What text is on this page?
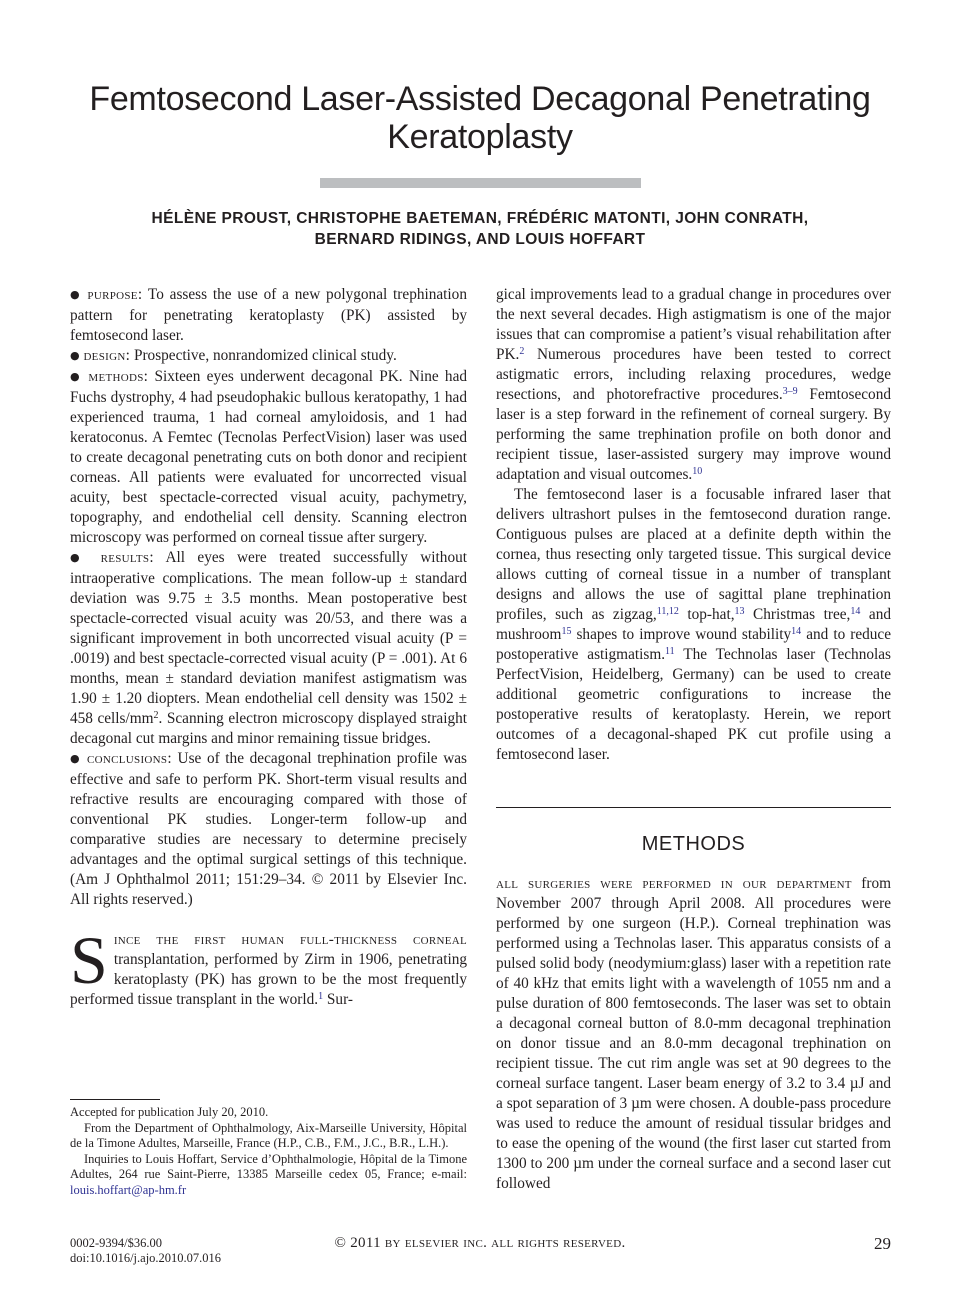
Femtosecond Laser-Assisted Decagonal Penetrating
Keratoplasty
HÉLÈNE PROUST, CHRISTOPHE BAETEMAN, FRÉDÉRIC MATONTI, JOHN CONRATH,
BERNARD RIDINGS, AND LOUIS HOFFART

● purpose: To assess the use of a new polygonal trephination pattern for penetrating keratoplasty (PK) assisted by femtosecond laser.

● design: Prospective, nonrandomized clinical study.

● methods: Sixteen eyes underwent decagonal PK. Nine had Fuchs dystrophy, 4 had pseudophakic bullous keratopathy, 1 had experienced trauma, 1 had corneal amyloidosis, and 1 had keratoconus. A Femtec (Tecnolas PerfectVision) laser was used to create decagonal penetrating cuts on both donor and recipient corneas. All patients were evaluated for uncorrected visual acuity, best spectacle-corrected visual acuity, pachymetry, topography, and endothelial cell density. Scanning electron microscopy was performed on corneal tissue after surgery.

● results: All eyes were treated successfully without intraoperative complications. The mean follow-up ± standard deviation was 9.75 ± 3.5 months. Mean postoperative best spectacle-corrected visual acuity was 20/53, and there was a significant improvement in both uncorrected visual acuity (P = .0019) and best spectacle-corrected visual acuity (P = .001). At 6 months, mean ± standard deviation manifest astigmatism was 1.90 ± 1.20 diopters. Mean endothelial cell density was 1502 ± 458 cells/$mm^2$. Scanning electron microscopy displayed straight decagonal cut margins and minor remaining tissue bridges.

● conclusions: Use of the decagonal trephination profile was effective and safe to perform PK. Short-term visual results and refractive results are encouraging compared with those of conventional PK studies. Longer-term follow-up and comparative studies are necessary to determine precisely advantages and the optimal surgical settings of this technique. (Am J Ophthalmol 2011; 151:29–34. © 2011 by Elsevier Inc. All rights reserved.)

Since the first human full-thickness corneal transplantation, performed by Zirm in 1906, penetrating keratoplasty (PK) has grown to be the most frequently performed tissue transplant in the world.$^1$ Sur-

Accepted for publication July 20, 2010.

From the Department of Ophthalmology, Aix-Marseille University, Hôpital de la Timone Adultes, Marseille, France (H.P., C.B., F.M., J.C., B.R., L.H.).

Inquiries to Louis Hoffart, Service d’Ophthalmologie, Hôpital de la Timone Adultes, 264 rue Saint-Pierre, 13385 Marseille cedex 05, France; e-mail: louis.hoffart@ap-hm.fr

gical improvements lead to a gradual change in procedures over the next several decades. High astigmatism is one of the major issues that can compromise a patient’s visual rehabilitation after PK.$^2$ Numerous procedures have been tested to correct astigmatic errors, including relaxing procedures, wedge resections, and photorefractive procedures.$^{3-9}$ Femtosecond laser is a step forward in the refinement of corneal surgery. By performing the same trephination profile on both donor and recipient tissue, laser-assisted surgery may improve wound adaptation and visual outcomes.$^{10}$

The femtosecond laser is a focusable infrared laser that delivers ultrashort pulses in the femtosecond duration range. Contiguous pulses are placed at a definite depth within the cornea, thus resecting only targeted tissue. This surgical device allows cutting of corneal tissue in a number of transplant designs and allows the use of sagittal plane trephination profiles, such as zigzag,$^{11,12}$ top-hat,$^{13}$ Christmas tree,$^{14}$ and mushroom$^{15}$ shapes to improve wound stability$^{14}$ and to reduce postoperative astigmatism.$^{11}$ The Technolas laser (Technolas PerfectVision, Heidelberg, Germany) can be used to create additional geometric configurations to increase the postoperative results of keratoplasty. Herein, we report outcomes of a decagonal-shaped PK cut profile using a femtosecond laser.

METHODS

all surgeries were performed in our department from November 2007 through April 2008. All procedures were performed by one surgeon (H.P.). Corneal trephination was performed using a Technolas laser. This apparatus consists of a pulsed solid body (neodymium:glass) laser with a repetition rate of 40 kHz that emits light with a wavelength of 1055 nm and a pulse duration of 800 femtoseconds. The laser was set to obtain a decagonal corneal button of 8.0-mm decagonal trephination on donor tissue and an 8.0-mm decagonal trephination on recipient tissue. The cut rim angle was set at 90 degrees to the corneal surface tangent. Laser beam energy of 3.2 to 3.4 µJ and a spot separation of 3 µm were chosen. A double-pass procedure was used to reduce the amount of residual tissular bridges and to ease the opening of the wound (the first laser cut started from 1300 to 200 µm under the corneal surface and a second laser cut followed

0002-9394/$36.00
doi:10.1016/j.ajo.2010.07.016
© 2011 by elsevier inc. all rights reserved.	29
